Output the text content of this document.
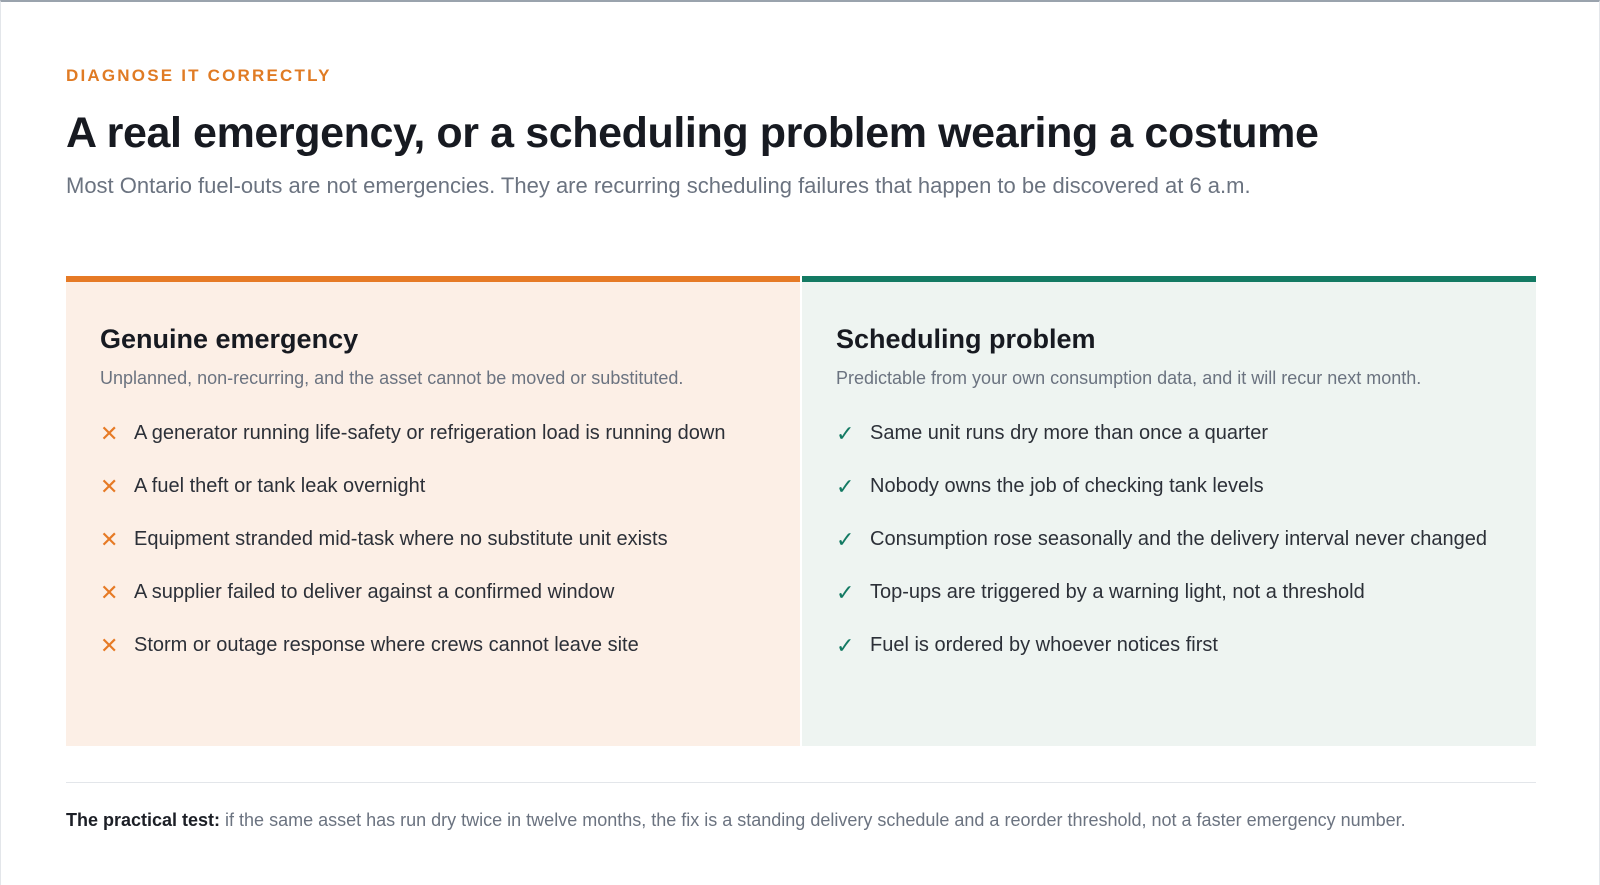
DIAGNOSE IT CORRECTLY
A real emergency, or a scheduling problem wearing a costume
Most Ontario fuel-outs are not emergencies. They are recurring scheduling failures that happen to be discovered at 6 a.m.
Genuine emergency
Unplanned, non-recurring, and the asset cannot be moved or substituted.
✕ A generator running life-safety or refrigeration load is running down
✕ A fuel theft or tank leak overnight
✕ Equipment stranded mid-task where no substitute unit exists
✕ A supplier failed to deliver against a confirmed window
✕ Storm or outage response where crews cannot leave site
Scheduling problem
Predictable from your own consumption data, and it will recur next month.
✓ Same unit runs dry more than once a quarter
✓ Nobody owns the job of checking tank levels
✓ Consumption rose seasonally and the delivery interval never changed
✓ Top-ups are triggered by a warning light, not a threshold
✓ Fuel is ordered by whoever notices first
The practical test: if the same asset has run dry twice in twelve months, the fix is a standing delivery schedule and a reorder threshold, not a faster emergency number.
